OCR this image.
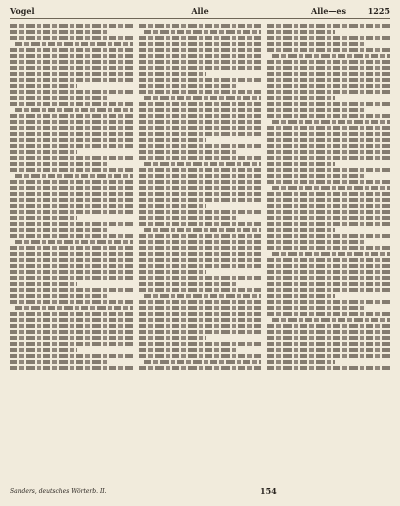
Vogel	Alle	Alle—es	1225
Sanders, deutsches Wörterb. II.	154
